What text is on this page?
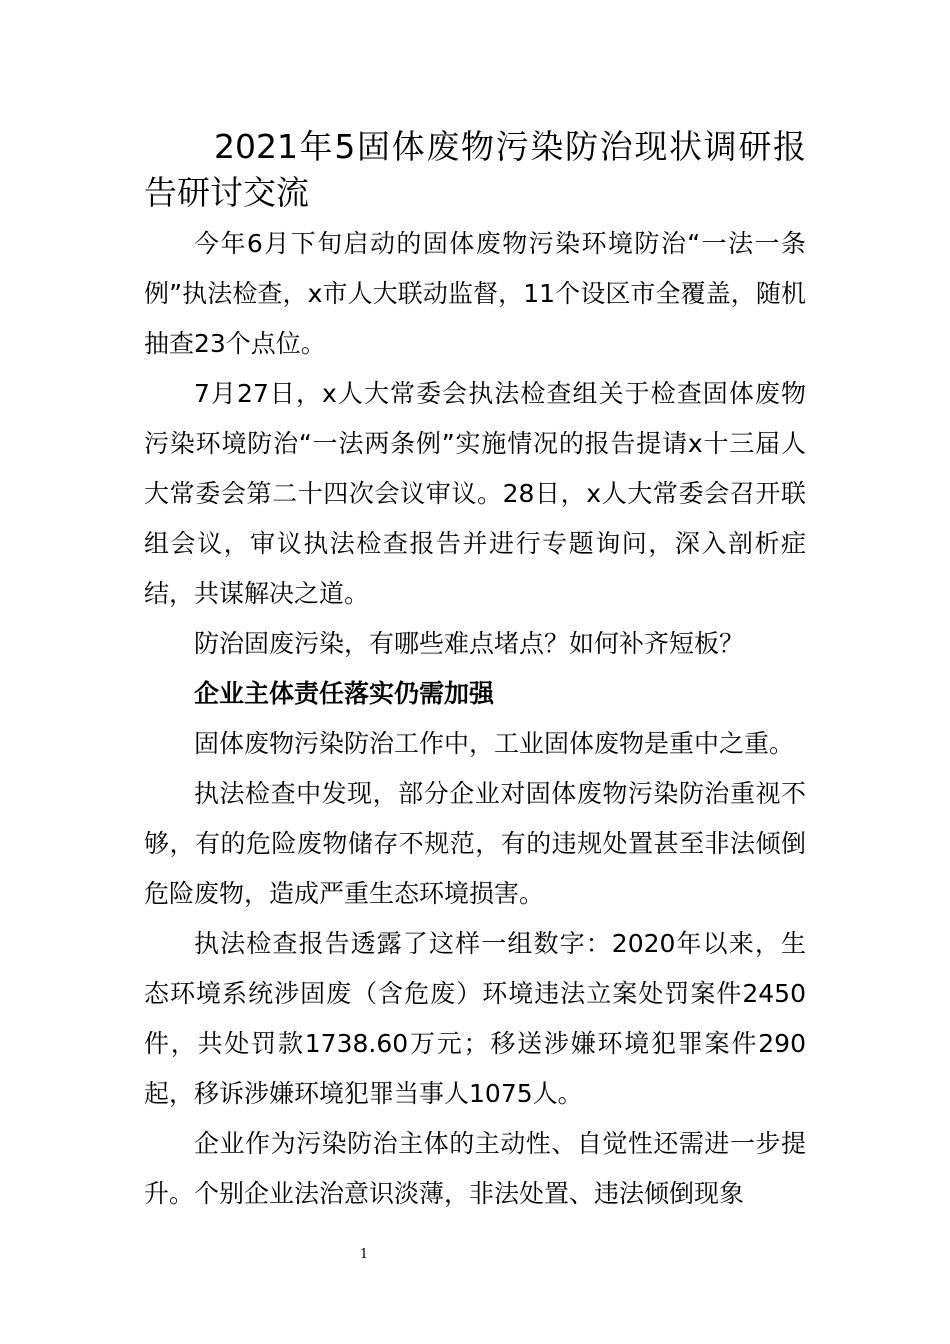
2021年5固体废物污染防治现状调研报告研讨交流

今年6月下旬启动的固体废物污染环境防治“一法一条例”执法检查，x市人大联动监督，11个设区市全覆盖，随机抽查23个点位。

7月27日，x人大常委会执法检查组关于检查固体废物污染环境防治“一法两条例”实施情况的报告提请x十三届人大常委会第二十四次会议审议。28日，x人大常委会召开联组会议，审议执法检查报告并进行专题询问，深入剖析症结，共谋解决之道。

防治固废污染，有哪些难点堵点？如何补齐短板？

企业主体责任落实仍需加强

固体废物污染防治工作中，工业固体废物是重中之重。

执法检查中发现，部分企业对固体废物污染防治重视不够，有的危险废物储存不规范，有的违规处置甚至非法倾倒危险废物，造成严重生态环境损害。

执法检查报告透露了这样一组数字：2020年以来，生态环境系统涉固废（含危废）环境违法立案处罚案件2450件，共处罚款1738.60万元；移送涉嫌环境犯罪案件290起，移诉涉嫌环境犯罪当事人1075人。

企业作为污染防治主体的主动性、自觉性还需进一步提升。个别企业法治意识淡薄，非法处置、违法倾倒现象

1
